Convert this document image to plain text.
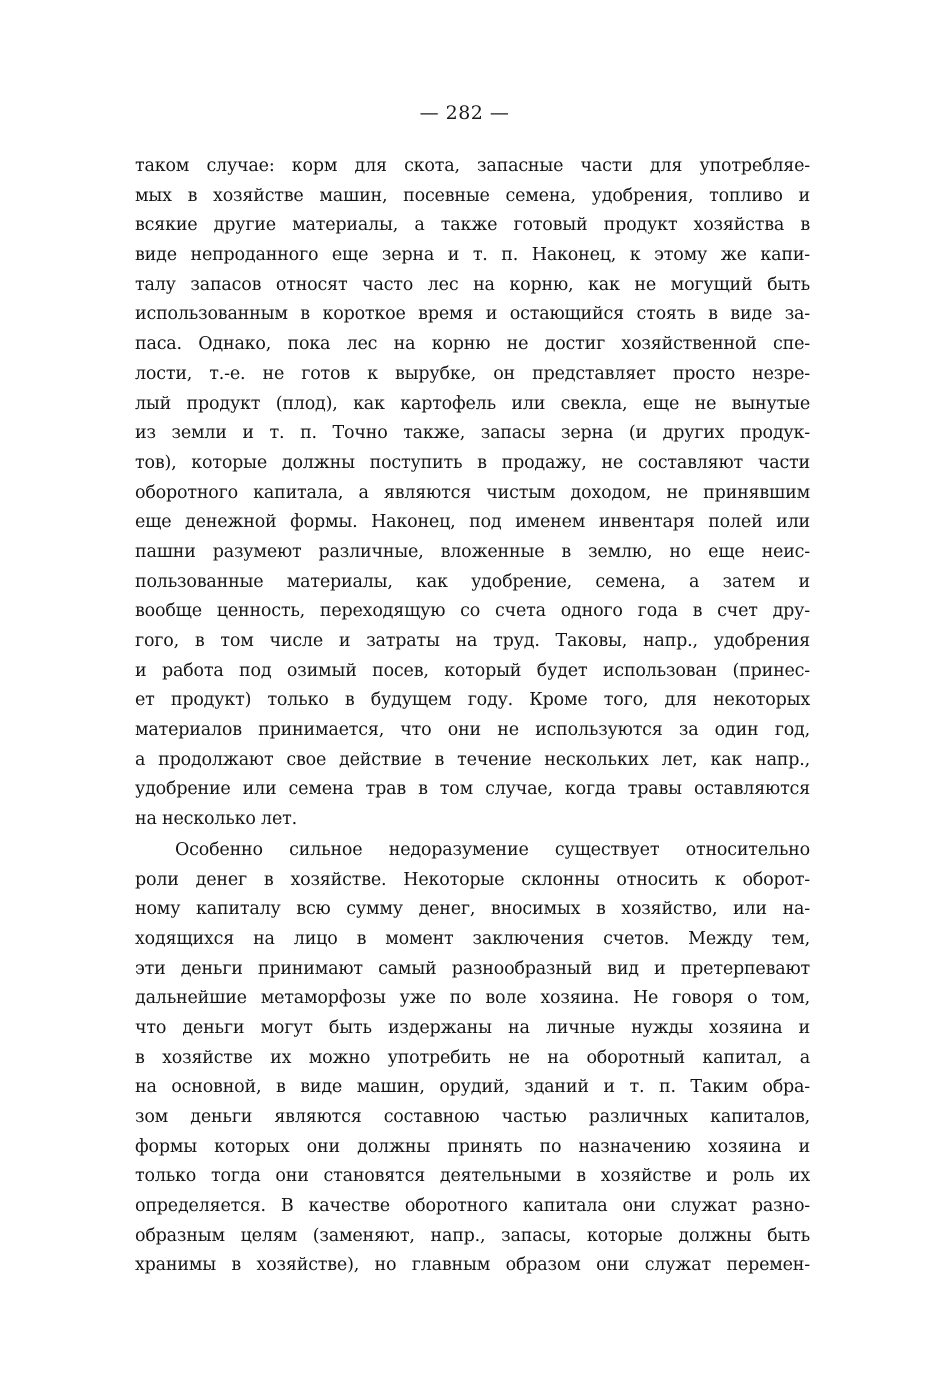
— 282 —
таком случае: корм для скота, запасные части для употребляе-
мых в хозяйстве машин, посевные семена, удобрения, топливо и
всякие другие материалы, а также готовый продукт хозяйства в
виде непроданного еще зерна и т. п. Наконец, к этому же капи-
талу запасов относят часто лес на корню, как не могущий быть
использованным в короткое время и остающийся стоять в виде за-
паса. Однако, пока лес на корню не достиг хозяйственной спе-
лости, т.-е. не готов к вырубке, он представляет просто незре-
лый продукт (плод), как картофель или свекла, еще не вынутые
из земли и т. п. Точно также, запасы зерна (и других продук-
тов), которые должны поступить в продажу, не составляют части
оборотного капитала, а являются чистым доходом, не принявшим
еще денежной формы. Наконец, под именем инвентаря полей или
пашни разумеют различные, вложенные в землю, но еще неис-
пользованные материалы, как удобрение, семена, а затем и
вообще ценность, переходящую со счета одного года в счет дру-
гого, в том числе и затраты на труд. Таковы, напр., удобрения
и работа под озимый посев, который будет использован (принес-
ет продукт) только в будущем году. Кроме того, для некоторых
материалов принимается, что они не используются за один год,
а продолжают свое действие в течение нескольких лет, как напр.,
удобрение или семена трав в том случае, когда травы оставляются
на несколько лет.
Особенно сильное недоразумение существует относительно
роли денег в хозяйстве. Некоторые склонны относить к оборот-
ному капиталу всю сумму денег, вносимых в хозяйство, или на-
ходящихся на лицо в момент заключения счетов. Между тем,
эти деньги принимают самый разнообразный вид и претерпевают
дальнейшие метаморфозы уже по воле хозяина. Не говоря о том,
что деньги могут быть издержаны на личные нужды хозяина и
в хозяйстве их можно употребить не на оборотный капитал, а
на основной, в виде машин, орудий, зданий и т. п. Таким обра-
зом деньги являются составною частью различных капиталов,
формы которых они должны принять по назначению хозяина и
только тогда они становятся деятельными в хозяйстве и роль их
определяется. В качестве оборотного капитала они служат разно-
образным целям (заменяют, напр., запасы, которые должны быть
хранимы в хозяйстве), но главным образом они служат перемен-
